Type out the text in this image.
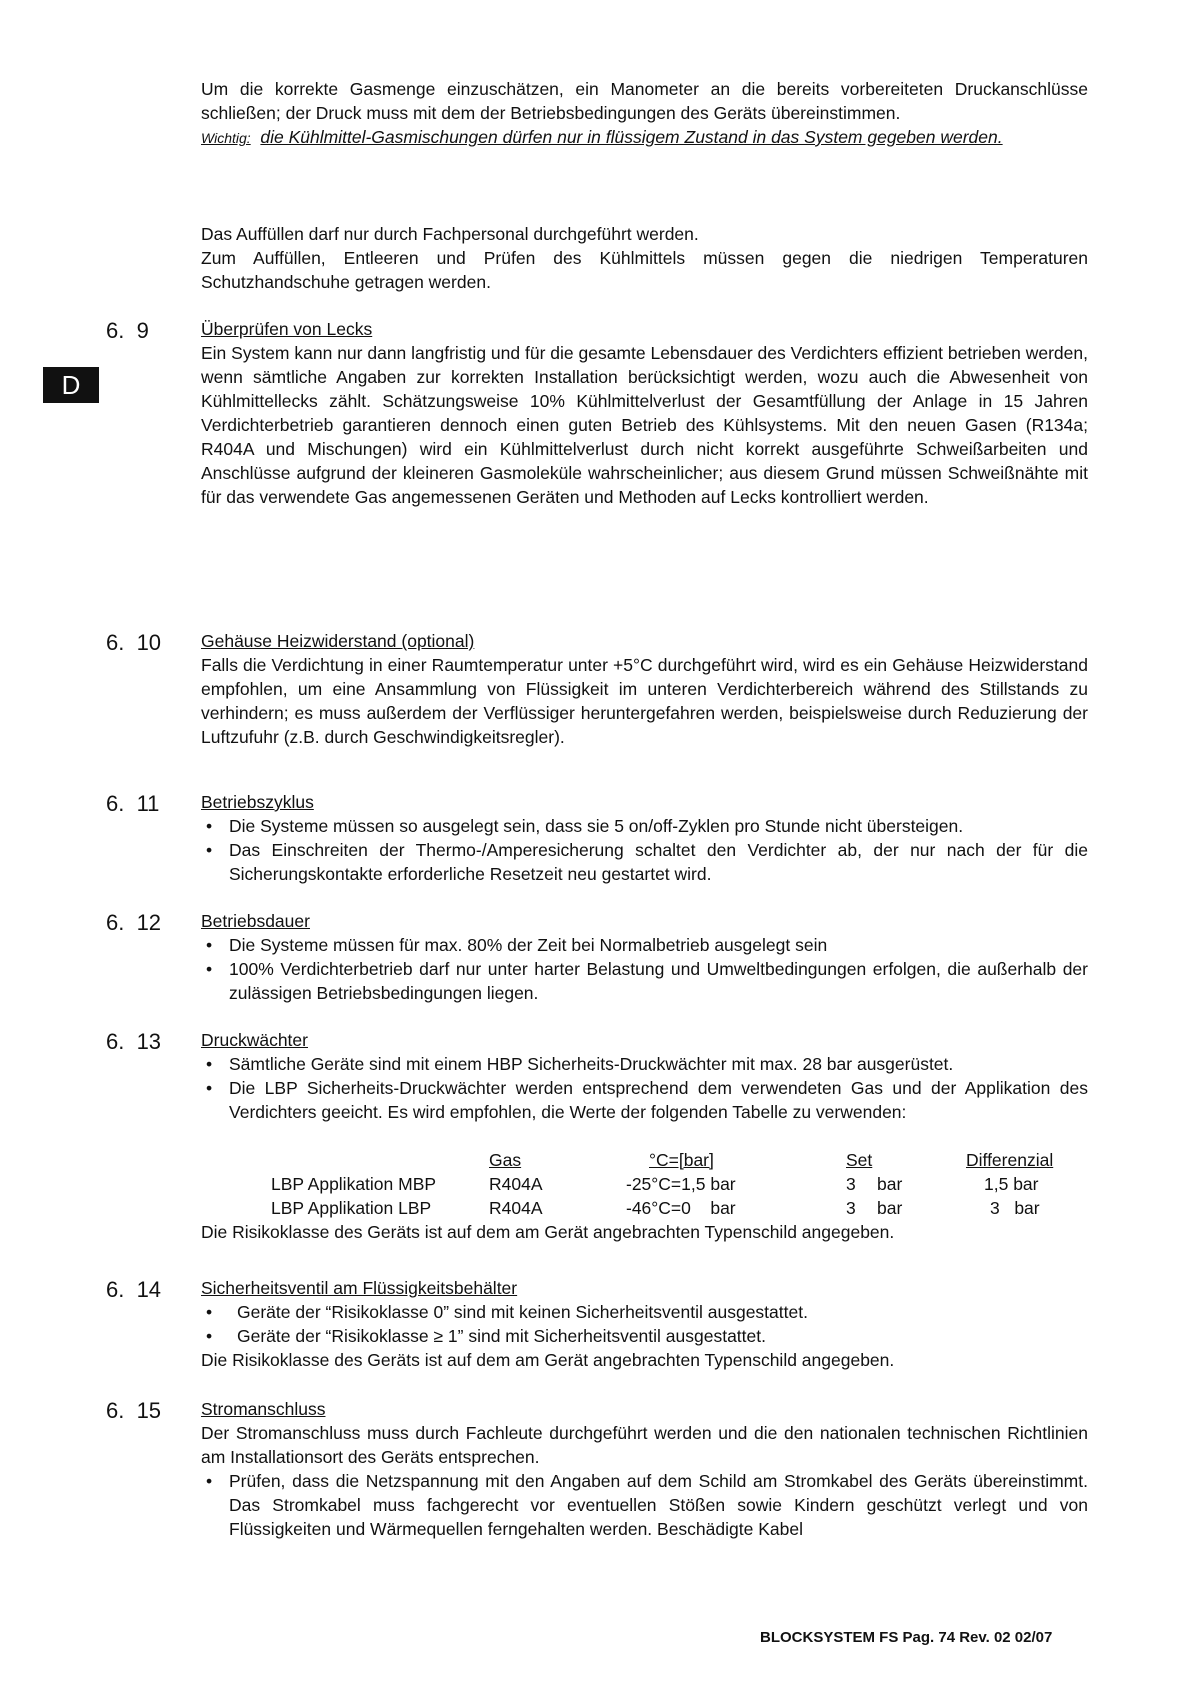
D

Um die korrekte Gasmenge einzuschätzen, ein Manometer an die bereits vorbereiteten Druckanschlüsse schließen; der Druck muss mit dem der Betriebsbedingungen des Geräts übereinstimmen.

Wichtig: die Kühlmittel-Gasmischungen dürfen nur in flüssigem Zustand in das System gegeben werden.

Das Auffüllen darf nur durch Fachpersonal durchgeführt werden.

Zum Auffüllen, Entleeren und Prüfen des Kühlmittels müssen gegen die niedrigen Temperaturen Schutzhandschuhe getragen werden.

6.  9	Überprüfen von Lecks

Ein System kann nur dann langfristig und für die gesamte Lebensdauer des Verdichters effizient betrieben werden, wenn sämtliche Angaben zur korrekten Installation berücksichtigt werden, wozu auch die Abwesenheit von Kühlmittellecks zählt. Schätzungsweise 10% Kühlmittelverlust der Gesamtfüllung der Anlage in 15 Jahren Verdichterbetrieb garantieren dennoch einen guten Betrieb des Kühlsystems. Mit den neuen Gasen (R134a; R404A und Mischungen) wird ein Kühlmittelverlust durch nicht korrekt ausgeführte Schweißarbeiten und Anschlüsse aufgrund der kleineren Gasmoleküle wahrscheinlicher; aus diesem Grund müssen Schweißnähte mit für das verwendete Gas angemessenen Geräten und Methoden auf Lecks kontrolliert werden.

6.  10	Gehäuse Heizwiderstand (optional)

Falls die Verdichtung in einer Raumtemperatur unter +5°C durchgeführt wird, wird es ein Gehäuse Heizwiderstand empfohlen, um eine Ansammlung von Flüssigkeit im unteren Verdichterbereich während des Stillstands zu verhindern; es muss außerdem der Verflüssiger heruntergefahren werden, beispielsweise durch Reduzierung der Luftzufuhr (z.B. durch Geschwindigkeitsregler).

6.  11	Betriebszyklus

• Die Systeme müssen so ausgelegt sein, dass sie 5 on/off-Zyklen pro Stunde nicht übersteigen.
• Das Einschreiten der Thermo-/Amperesicherung schaltet den Verdichter ab, der nur nach der für die Sicherungskontakte erforderliche Resetzeit neu gestartet wird.
6.  12	Betriebsdauer

• Die Systeme müssen für max. 80% der Zeit bei Normalbetrieb ausgelegt sein
• 100% Verdichterbetrieb darf nur unter harter Belastung und Umweltbedingungen erfolgen, die außerhalb der zulässigen Betriebsbedingungen liegen.
6.  13	Druckwächter

• Sämtliche Geräte sind mit einem HBP Sicherheits-Druckwächter mit max. 28 bar ausgerüstet.
• Die LBP Sicherheits-Druckwächter werden entsprechend dem verwendeten Gas und der Applikation des Verdichters geeicht. Es wird empfohlen, die Werte der folgenden Tabelle zu verwenden:
Gas	°C=[bar]	Set	Differenzial
LBP Applikation MBP	R404A	-25°C=1,5 bar	3 bar	1,5 bar
LBP Applikation LBP	R404A	-46°C=0    bar	3 bar	3   bar

Die Risikoklasse des Geräts ist auf dem am Gerät angebrachten Typenschild angegeben.

6.  14	Sicherheitsventil am Flüssigkeitsbehälter

• Geräte der “Risikoklasse 0” sind mit keinen Sicherheitsventil ausgestattet.
• Geräte der “Risikoklasse ≥ 1” sind mit Sicherheitsventil ausgestattet.

Die Risikoklasse des Geräts ist auf dem am Gerät angebrachten Typenschild angegeben.

6.  15	Stromanschluss

Der Stromanschluss muss durch Fachleute durchgeführt werden und die den nationalen technischen Richtlinien am Installationsort des Geräts entsprechen.

• Prüfen, dass die Netzspannung mit den Angaben auf dem Schild am Stromkabel des Geräts übereinstimmt. Das Stromkabel muss fachgerecht vor eventuellen Stößen sowie Kindern geschützt verlegt und von Flüssigkeiten und Wärmequellen ferngehalten werden. Beschädigte Kabel
BLOCKSYSTEM FS Pag. 74 Rev. 02 02/07
